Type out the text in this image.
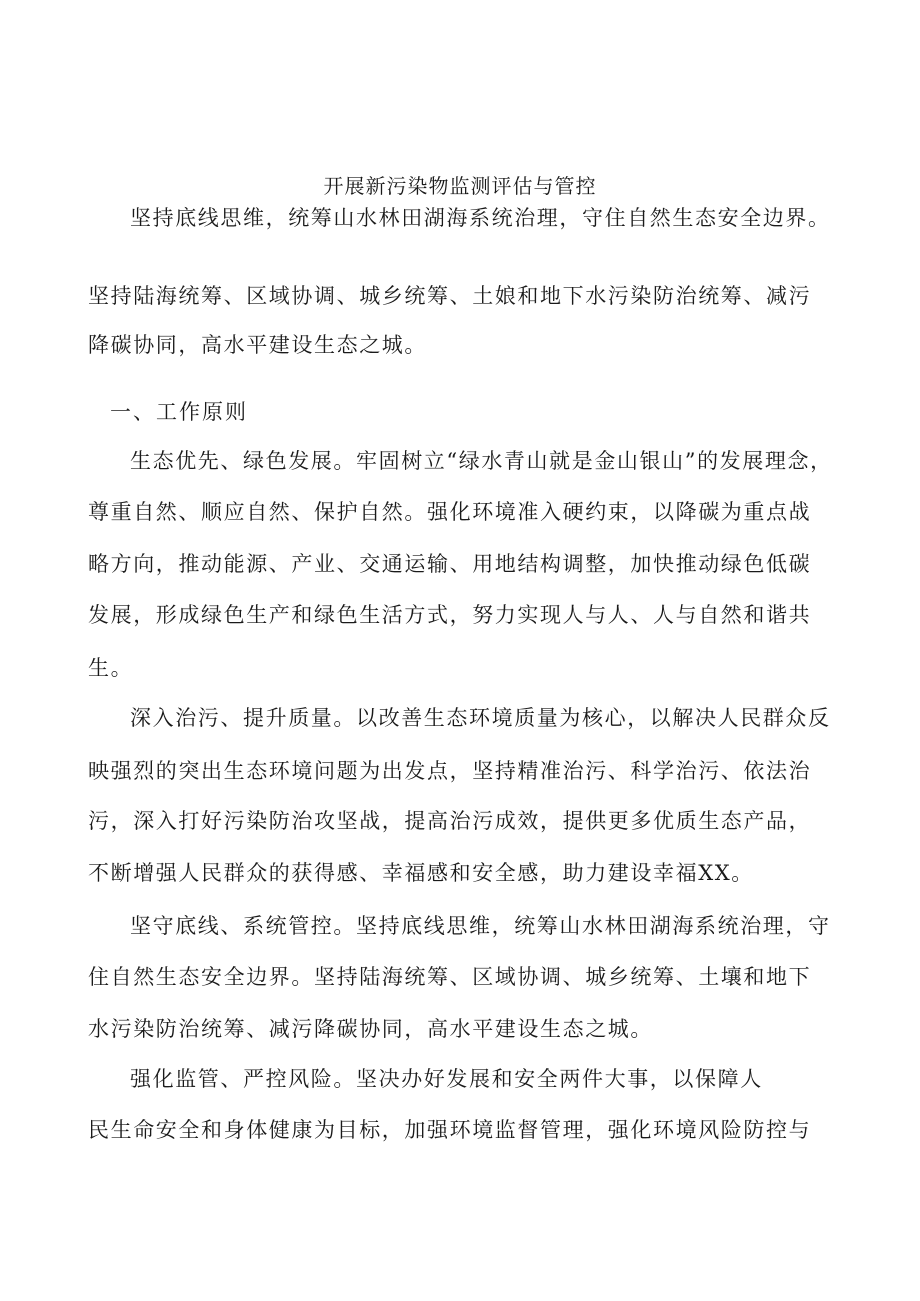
开展新污染物监测评估与管控
坚持底线思维，统筹山水林田湖海系统治理，守住自然生态安全边界。
坚持陆海统筹、区域协调、城乡统筹、土娘和地下水污染防治统筹、减污
降碳协同，高水平建设生态之城。
一、工作原则
生态优先、绿色发展。牢固树立“绿水青山就是金山银山”的发展理念，
尊重自然、顺应自然、保护自然。强化环境准入硬约束，以降碳为重点战
略方向，推动能源、产业、交通运输、用地结构调整，加快推动绿色低碳
发展，形成绿色生产和绿色生活方式，努力实现人与人、人与自然和谐共
生。
深入治污、提升质量。以改善生态环境质量为核心，以解决人民群众反
映强烈的突出生态环境问题为出发点，坚持精准治污、科学治污、依法治
污，深入打好污染防治攻坚战，提高治污成效，提供更多优质生态产品，
不断增强人民群众的获得感、幸福感和安全感，助力建设幸福XX。
坚守底线、系统管控。坚持底线思维，统筹山水林田湖海系统治理，守
住自然生态安全边界。坚持陆海统筹、区域协调、城乡统筹、土壤和地下
水污染防治统筹、减污降碳协同，高水平建设生态之城。
强化监管、严控风险。坚决办好发展和安全两件大事，以保障人
民生命安全和身体健康为目标，加强环境监督管理，强化环境风险防控与
